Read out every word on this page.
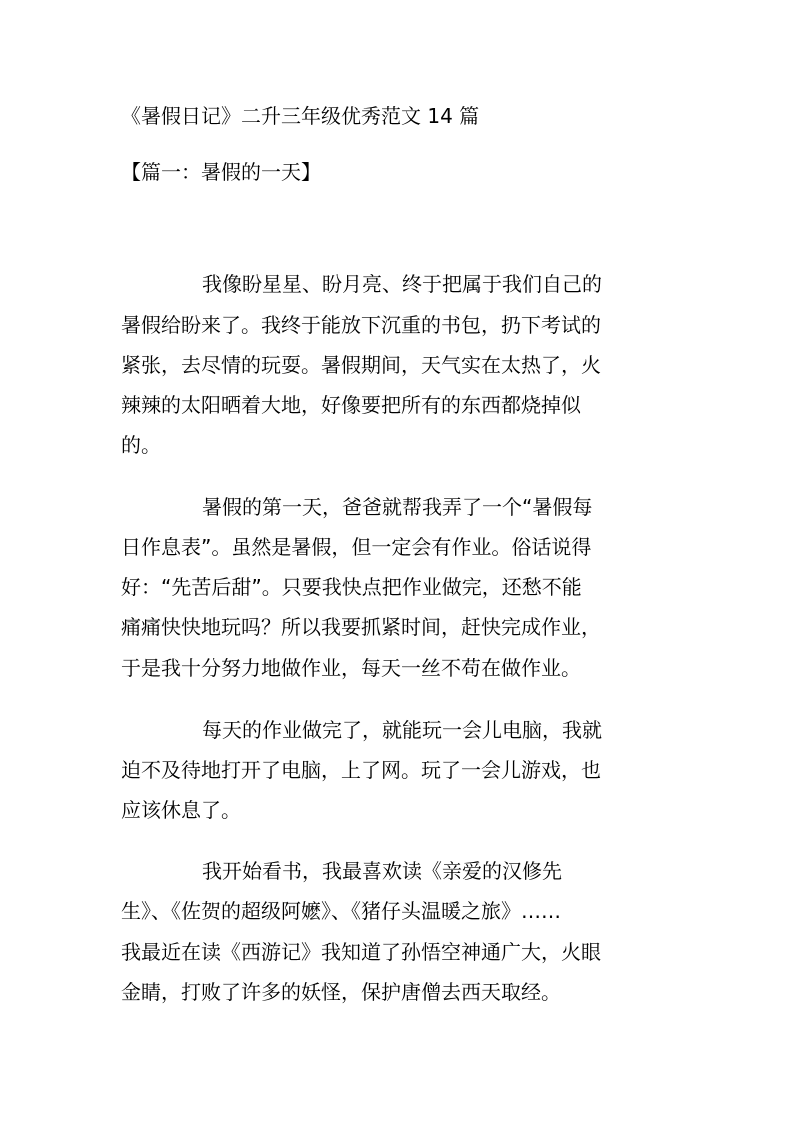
《暑假日记》二升三年级优秀范文 14 篇
【篇一：暑假的一天】
我像盼星星、盼月亮、终于把属于我们自己的
暑假给盼来了。我终于能放下沉重的书包，扔下考试的
紧张，去尽情的玩耍。暑假期间，天气实在太热了，火
辣辣的太阳晒着大地，好像要把所有的东西都烧掉似
的。
暑假的第一天，爸爸就帮我弄了一个“暑假每
日作息表”。虽然是暑假，但一定会有作业。俗话说得
好：“先苦后甜”。只要我快点把作业做完，还愁不能
痛痛快快地玩吗？所以我要抓紧时间，赶快完成作业，
于是我十分努力地做作业，每天一丝不苟在做作业。
每天的作业做完了，就能玩一会儿电脑，我就
迫不及待地打开了电脑，上了网。玩了一会儿游戏，也
应该休息了。
我开始看书，我最喜欢读《亲爱的汉修先
生》、《佐贺的超级阿嬷》、《猪仔头温暖之旅》……
我最近在读《西游记》我知道了孙悟空神通广大，火眼
金睛，打败了许多的妖怪，保护唐僧去西天取经。
